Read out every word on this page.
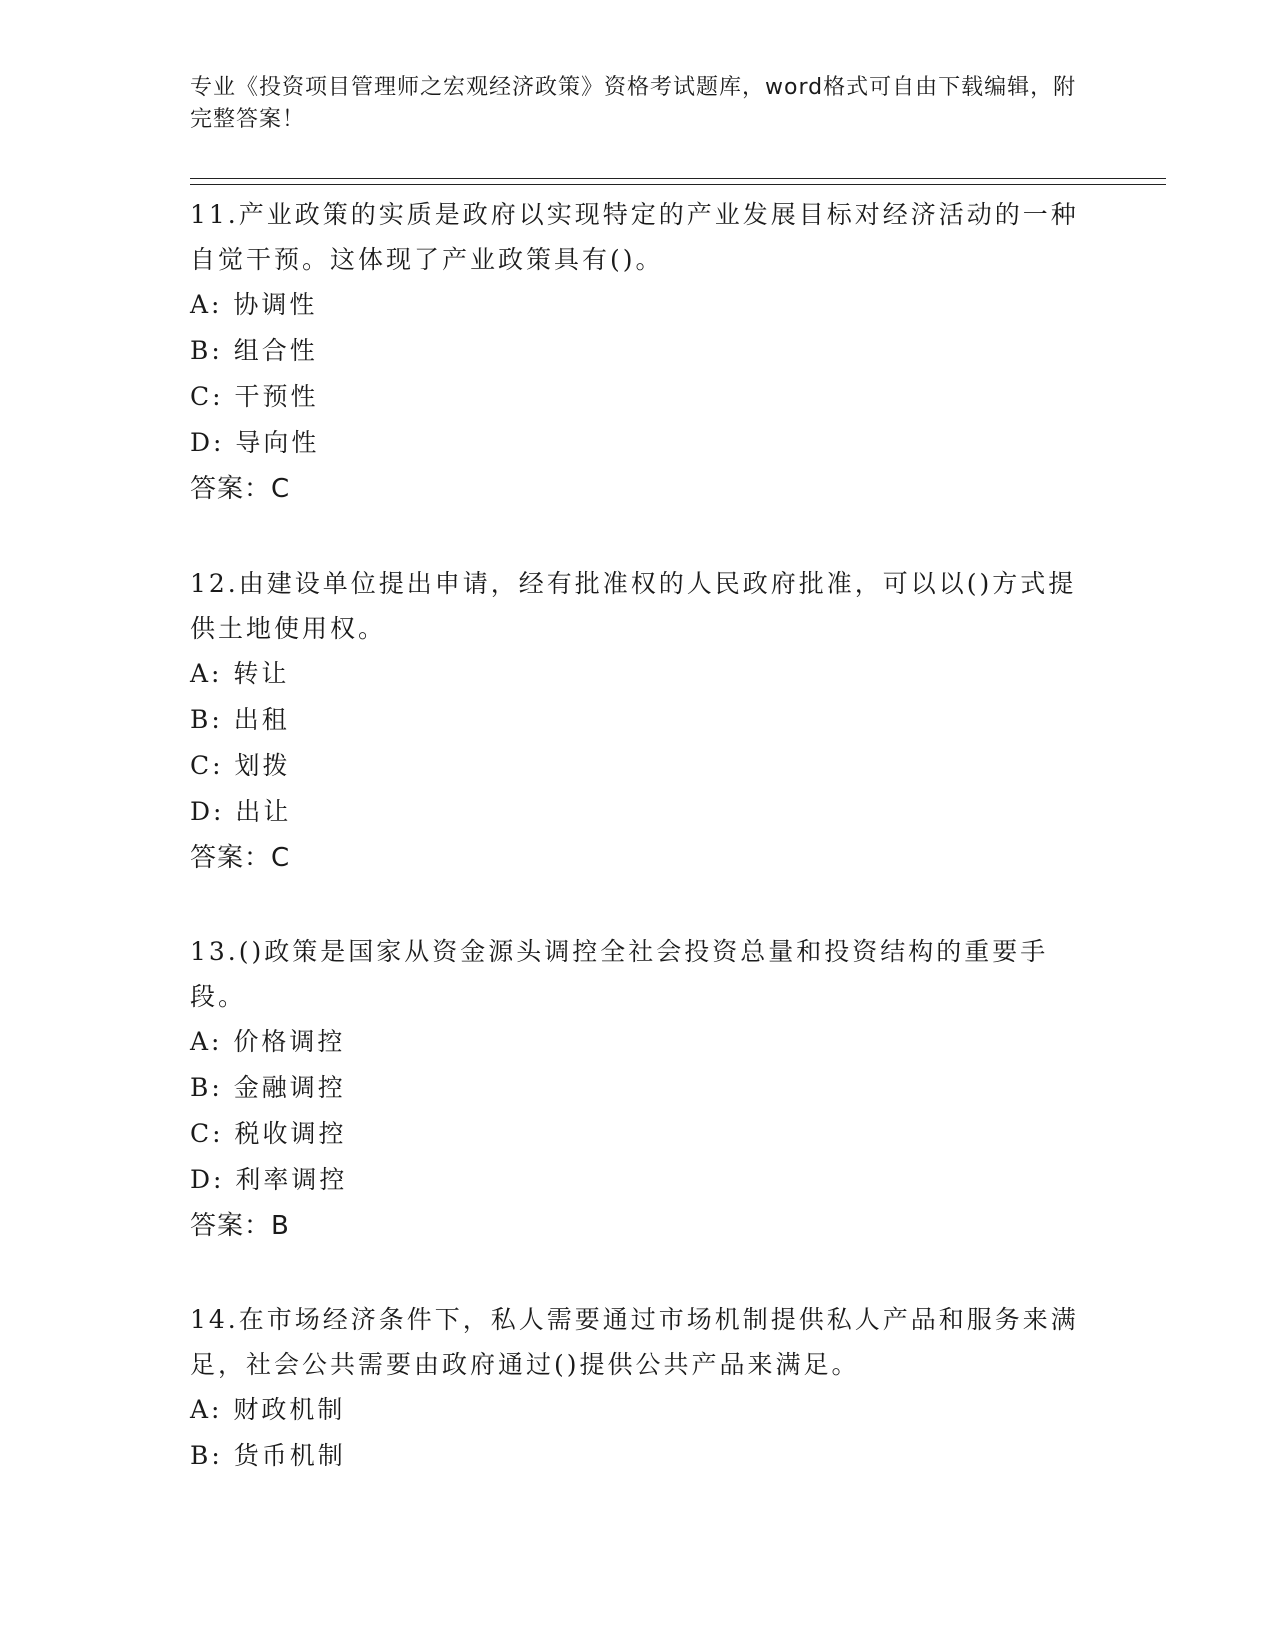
专业《投资项目管理师之宏观经济政策》资格考试题库，word格式可自由下载编辑，附完整答案！

11.产业政策的实质是政府以实现特定的产业发展目标对经济活动的一种自觉干预。这体现了产业政策具有()。

A: 协调性

B: 组合性

C: 干预性

D: 导向性

答案：C

12.由建设单位提出申请，经有批准权的人民政府批准，可以以()方式提供土地使用权。

A: 转让

B: 出租

C: 划拨

D: 出让

答案：C

13.()政策是国家从资金源头调控全社会投资总量和投资结构的重要手段。

A: 价格调控

B: 金融调控

C: 税收调控

D: 利率调控

答案：B

14.在市场经济条件下，私人需要通过市场机制提供私人产品和服务来满足，社会公共需要由政府通过()提供公共产品来满足。

A: 财政机制

B: 货币机制
